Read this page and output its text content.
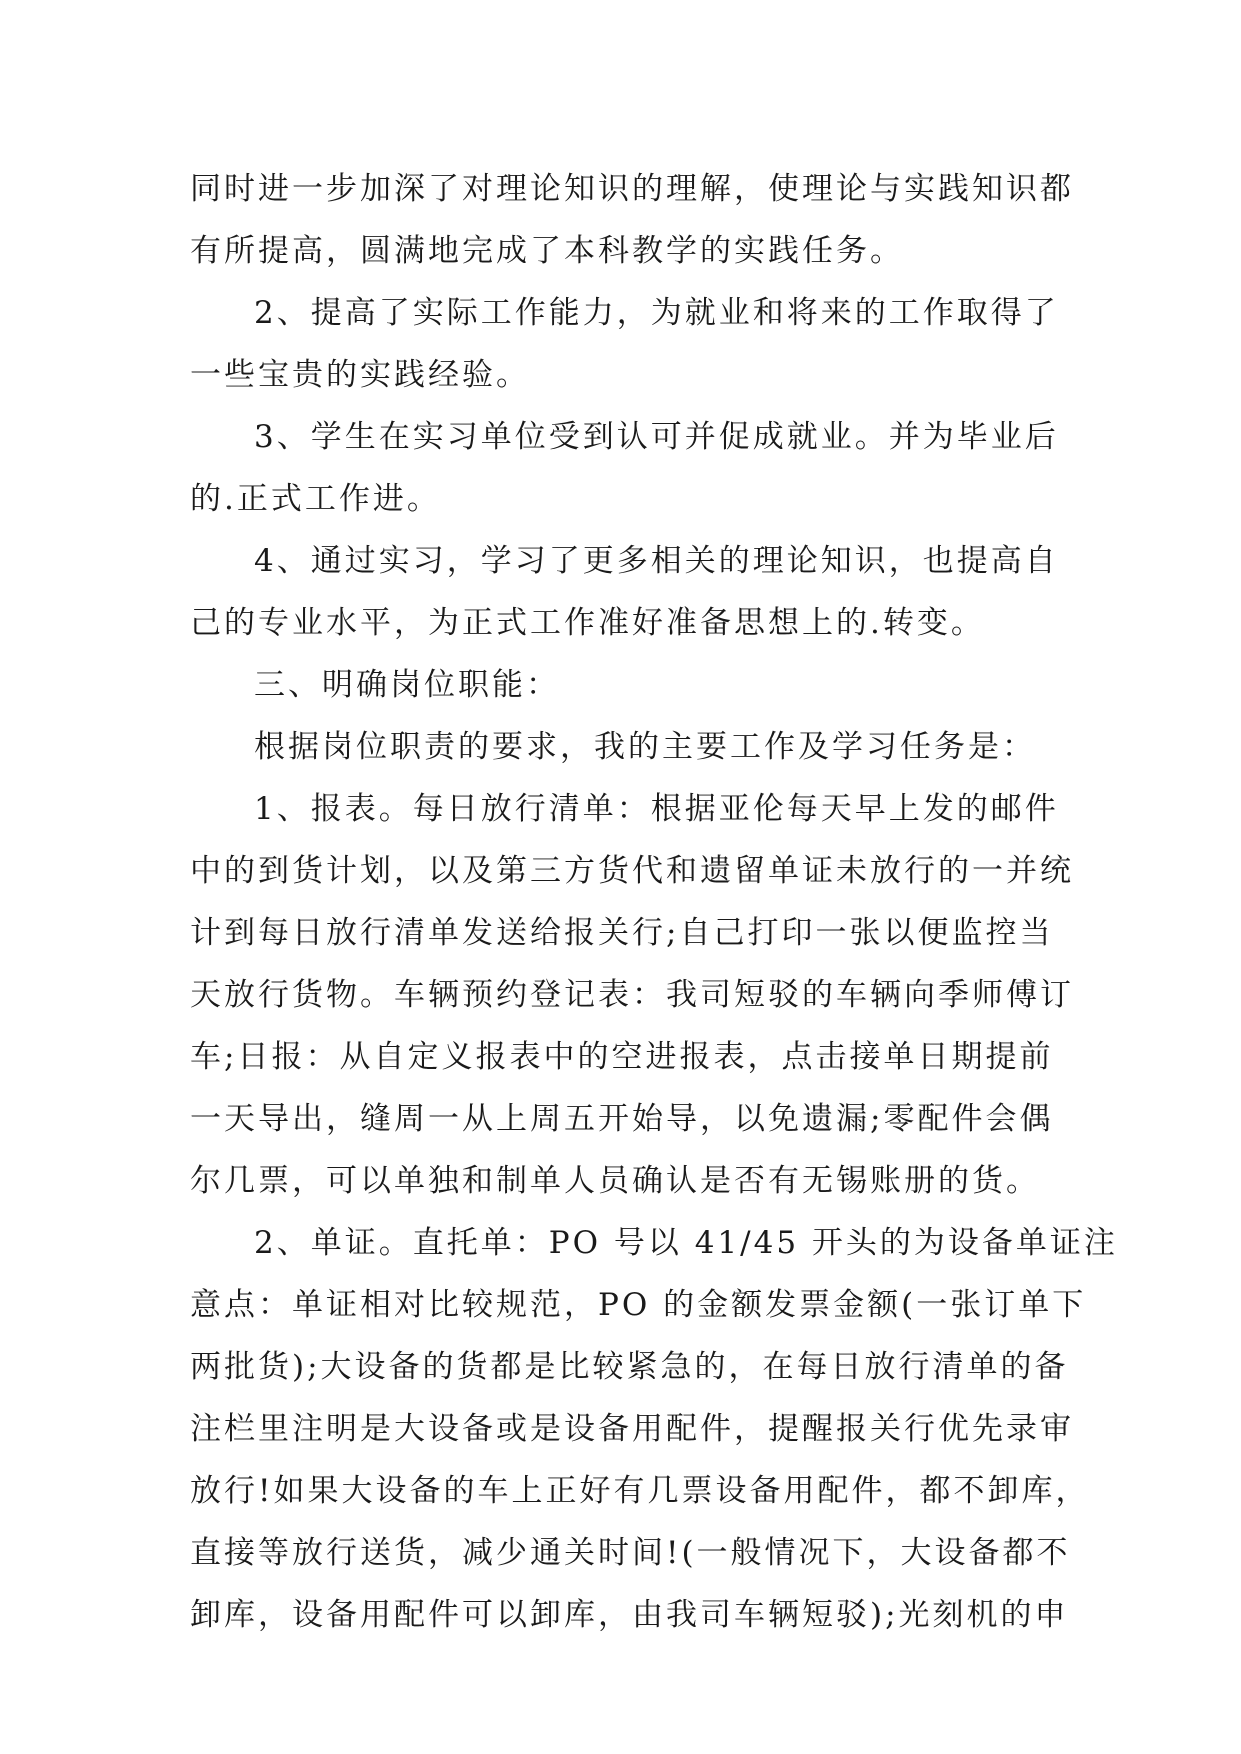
同时进一步加深了对理论知识的理解，使理论与实践知识都
有所提高，圆满地完成了本科教学的实践任务。
2、提高了实际工作能力，为就业和将来的工作取得了
一些宝贵的实践经验。
3、学生在实习单位受到认可并促成就业。并为毕业后
的.正式工作进。
4、通过实习，学习了更多相关的理论知识，也提高自
己的专业水平，为正式工作准好准备思想上的.转变。
三、明确岗位职能：
根据岗位职责的要求，我的主要工作及学习任务是：
1、报表。每日放行清单：根据亚伦每天早上发的邮件
中的到货计划，以及第三方货代和遗留单证未放行的一并统
计到每日放行清单发送给报关行;自己打印一张以便监控当
天放行货物。车辆预约登记表：我司短驳的车辆向季师傅订
车;日报：从自定义报表中的空进报表，点击接单日期提前
一天导出，缝周一从上周五开始导，以免遗漏;零配件会偶
尔几票，可以单独和制单人员确认是否有无锡账册的货。
2、单证。直托单：PO 号以 41/45 开头的为设备单证注
意点：单证相对比较规范，PO 的金额发票金额(一张订单下
两批货);大设备的货都是比较紧急的，在每日放行清单的备
注栏里注明是大设备或是设备用配件，提醒报关行优先录审
放行!如果大设备的车上正好有几票设备用配件，都不卸库，
直接等放行送货，减少通关时间!(一般情况下，大设备都不
卸库，设备用配件可以卸库，由我司车辆短驳);光刻机的申
